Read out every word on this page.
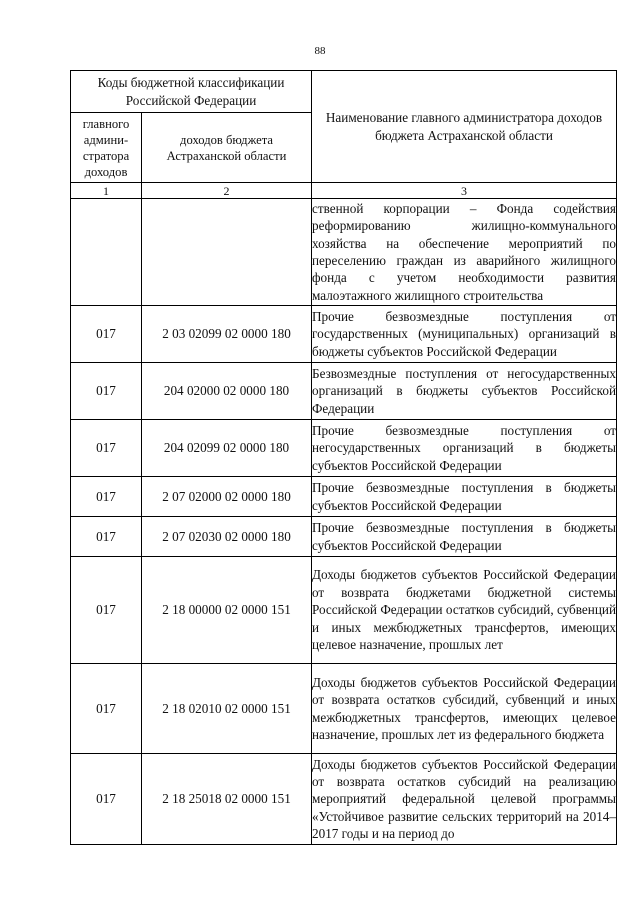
88
Коды бюджетной классификации Российской Федерации		Наименование главного администратора доходов бюджета Астраханской области
главного админи-стратора доходов	доходов бюджета Астраханской области	
1	2	3
		ственной корпорации – Фонда содействия реформированию жилищно-коммунального хозяйства на обеспечение мероприятий по переселению граждан из аварийного жилищного фонда с учетом необходимости развития малоэтажного жилищного строительства
017	2 03 02099 02 0000 180	Прочие безвозмездные поступления от государственных (муниципальных) организаций в бюджеты субъектов Российской Федерации
017	204 02000 02 0000 180	Безвозмездные поступления от негосударственных организаций в бюджеты субъектов Российской Федерации
017	204 02099 02 0000 180	Прочие безвозмездные поступления от негосударственных организаций в бюджеты субъектов Российской Федерации
017	2 07 02000 02 0000 180	Прочие безвозмездные поступления в бюджеты субъектов Российской Федерации
017	2 07 02030 02 0000 180	Прочие безвозмездные поступления в бюджеты субъектов Российской Федерации
017	2 18 00000 02 0000 151	Доходы бюджетов субъектов Российской Федерации от возврата бюджетами бюджетной системы Российской Федерации остатков субсидий, субвенций и иных межбюджетных трансфертов, имеющих целевое назначение, прошлых лет
017	2 18 02010 02 0000 151	Доходы бюджетов субъектов Российской Федерации от возврата остатков субсидий, субвенций и иных межбюджетных трансфертов, имеющих целевое назначение, прошлых лет из федерального бюджета
017	2 18 25018 02 0000 151	Доходы бюджетов субъектов Российской Федерации от возврата остатков субсидий на реализацию мероприятий федеральной целевой программы «Устойчивое развитие сельских территорий на 2014–2017 годы и на период до
